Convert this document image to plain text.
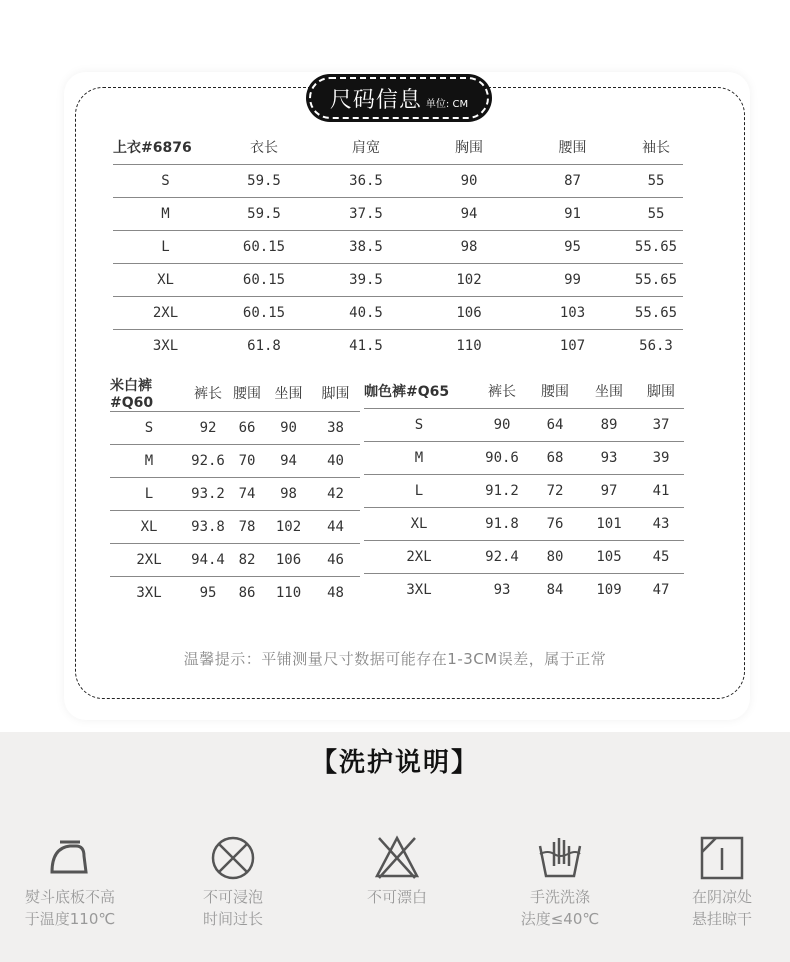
尺码信息 单位: CM
上衣#6876	衣长	肩宽	胸围	腰围	袖长
S	59.5	36.5	90	87	55
M	59.5	37.5	94	91	55
L	60.15	38.5	98	95	55.65
XL	60.15	39.5	102	99	55.65
2XL	60.15	40.5	106	103	55.65
3XL	61.8	41.5	110	107	56.3
米白裤#Q60	裤长	腰围	坐围	脚围
S	92	66	90	38
M	92.6	70	94	40
L	93.2	74	98	42
XL	93.8	78	102	44
2XL	94.4	82	106	46
3XL	95	86	110	48
咖色裤#Q65	裤长	腰围	坐围	脚围
S	90	64	89	37
M	90.6	68	93	39
L	91.2	72	97	41
XL	91.8	76	101	43
2XL	92.4	80	105	45
3XL	93	84	109	47
温馨提示：平铺测量尺寸数据可能存在1-3CM误差，属于正常
【洗护说明】
熨斗底板不高
于温度110℃
不可浸泡
时间过长
不可漂白	手洗洗涤
法度≤40℃
在阴凉处
悬挂晾干
